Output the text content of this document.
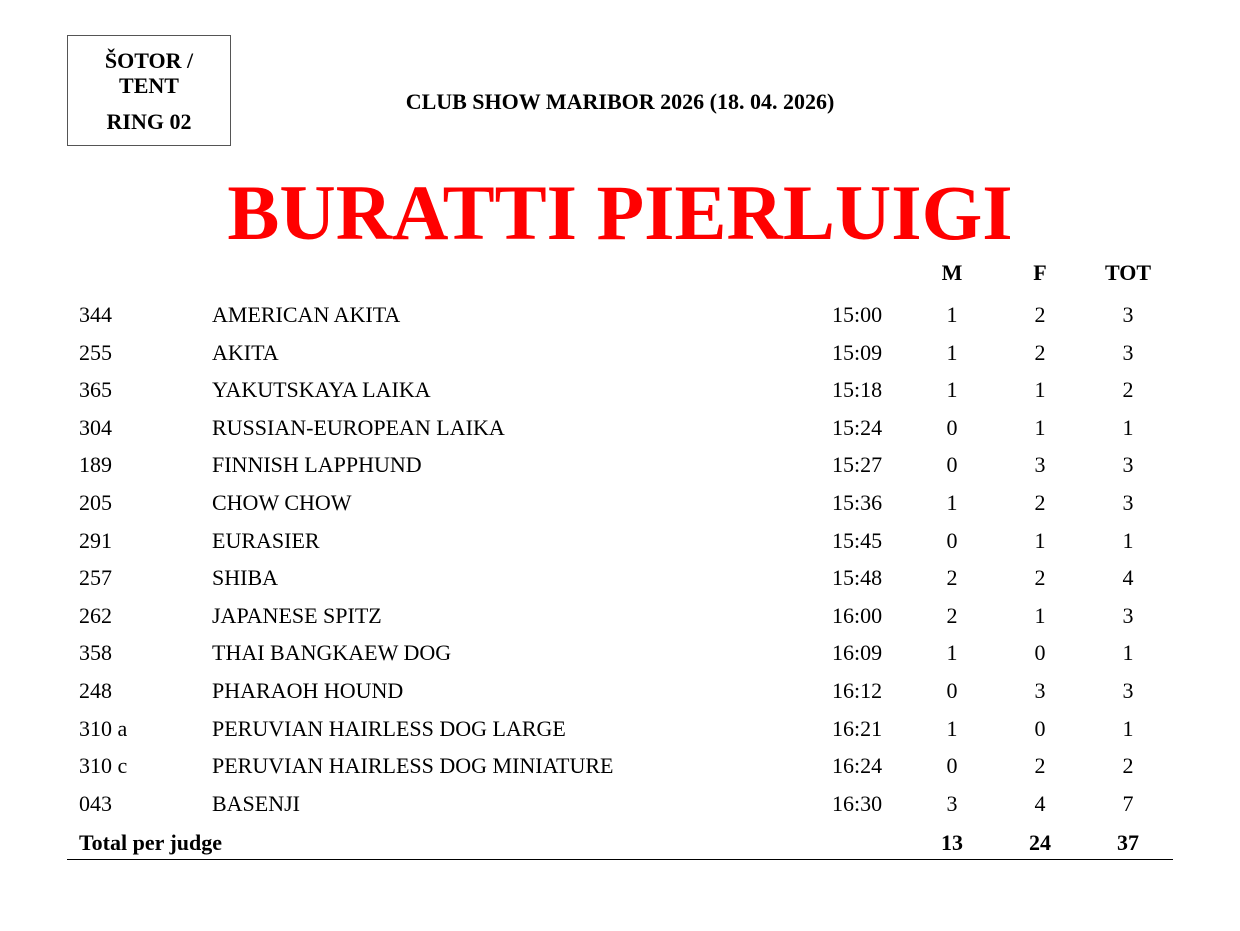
ŠOTOR /
TENT
RING 02
CLUB SHOW MARIBOR 2026 (18. 04. 2026)
BURATTI PIERLUIGI
M	F	TOT
344	AMERICAN AKITA	15:00	1	2	3
255	AKITA	15:09	1	2	3
365	YAKUTSKAYA LAIKA	15:18	1	1	2
304	RUSSIAN-EUROPEAN LAIKA	15:24	0	1	1
189	FINNISH LAPPHUND	15:27	0	3	3
205	CHOW CHOW	15:36	1	2	3
291	EURASIER	15:45	0	1	1
257	SHIBA	15:48	2	2	4
262	JAPANESE SPITZ	16:00	2	1	3
358	THAI BANGKAEW DOG	16:09	1	0	1
248	PHARAOH HOUND	16:12	0	3	3
310 a	PERUVIAN HAIRLESS DOG LARGE	16:21	1	0	1
310 c	PERUVIAN HAIRLESS DOG MINIATURE	16:24	0	2	2
043	BASENJI	16:30	3	4	7
Total per judge	13	24	37
